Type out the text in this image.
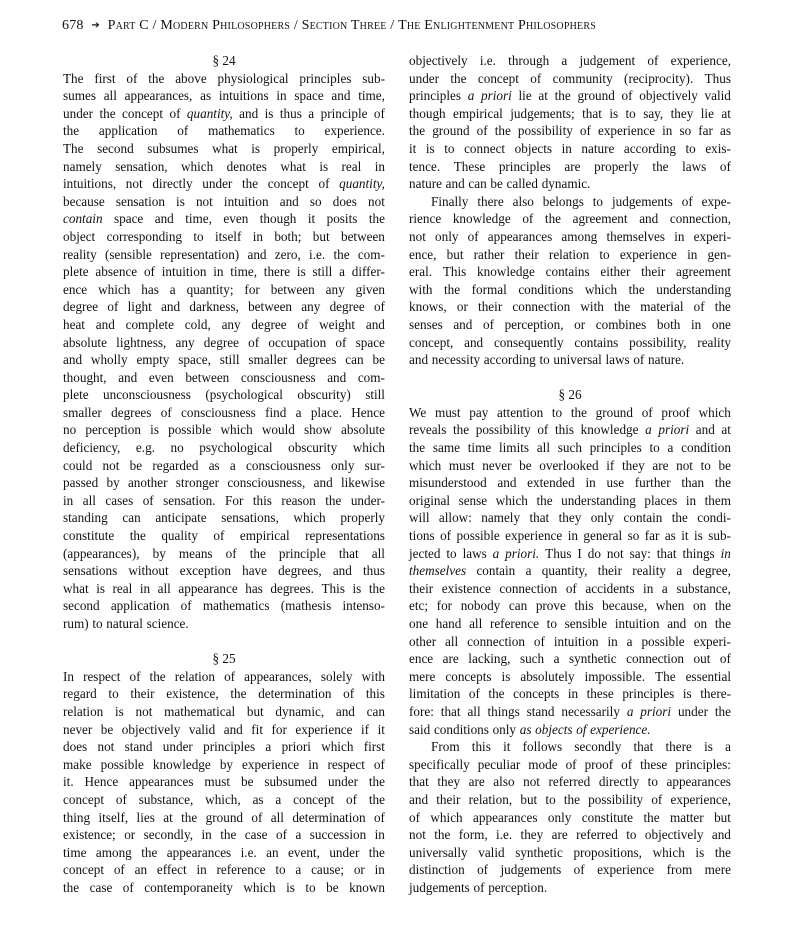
678 ➔ Part C / Modern Philosophers / Section Three / The Enlightenment Philosophers
§ 24
The first of the above physiological principles sub-
sumes all appearances, as intuitions in space and time,
under the concept of quantity, and is thus a principle of
the application of mathematics to experience.
The second subsumes what is properly empirical,
namely sensation, which denotes what is real in
intuitions, not directly under the concept of quantity,
because sensation is not intuition and so does not
contain space and time, even though it posits the
object corresponding to itself in both; but between
reality (sensible representation) and zero, i.e. the com-
plete absence of intuition in time, there is still a differ-
ence which has a quantity; for between any given
degree of light and darkness, between any degree of
heat and complete cold, any degree of weight and
absolute lightness, any degree of occupation of space
and wholly empty space, still smaller degrees can be
thought, and even between consciousness and com-
plete unconsciousness (psychological obscurity) still
smaller degrees of consciousness find a place. Hence
no perception is possible which would show absolute
deficiency, e.g. no psychological obscurity which
could not be regarded as a consciousness only sur-
passed by another stronger consciousness, and likewise
in all cases of sensation. For this reason the under-
standing can anticipate sensations, which properly
constitute the quality of empirical representations
(appearances), by means of the principle that all
sensations without exception have degrees, and thus
what is real in all appearance has degrees. This is the
second application of mathematics (mathesis intenso-
rum) to natural science.
§ 25
In respect of the relation of appearances, solely with
regard to their existence, the determination of this
relation is not mathematical but dynamic, and can
never be objectively valid and fit for experience if it
does not stand under principles a priori which first
make possible knowledge by experience in respect of
it. Hence appearances must be subsumed under the
concept of substance, which, as a concept of the
thing itself, lies at the ground of all determination of
existence; or secondly, in the case of a succession in
time among the appearances i.e. an event, under the
concept of an effect in reference to a cause; or in
the case of contemporaneity which is to be known
objectively i.e. through a judgement of experience,
under the concept of community (reciprocity). Thus
principles a priori lie at the ground of objectively valid
though empirical judgements; that is to say, they lie at
the ground of the possibility of experience in so far as
it is to connect objects in nature according to exis-
tence. These principles are properly the laws of
nature and can be called dynamic.
Finally there also belongs to judgements of expe-
rience knowledge of the agreement and connection,
not only of appearances among themselves in experi-
ence, but rather their relation to experience in gen-
eral. This knowledge contains either their agreement
with the formal conditions which the understanding
knows, or their connection with the material of the
senses and of perception, or combines both in one
concept, and consequently contains possibility, reality
and necessity according to universal laws of nature.
§ 26
We must pay attention to the ground of proof which
reveals the possibility of this knowledge a priori and at
the same time limits all such principles to a condition
which must never be overlooked if they are not to be
misunderstood and extended in use further than the
original sense which the understanding places in them
will allow: namely that they only contain the condi-
tions of possible experience in general so far as it is sub-
jected to laws a priori. Thus I do not say: that things in
themselves contain a quantity, their reality a degree,
their existence connection of accidents in a substance,
etc; for nobody can prove this because, when on the
one hand all reference to sensible intuition and on the
other all connection of intuition in a possible experi-
ence are lacking, such a synthetic connection out of
mere concepts is absolutely impossible. The essential
limitation of the concepts in these principles is there-
fore: that all things stand necessarily a priori under the
said conditions only as objects of experience.
From this it follows secondly that there is a
specifically peculiar mode of proof of these principles:
that they are also not referred directly to appearances
and their relation, but to the possibility of experience,
of which appearances only constitute the matter but
not the form, i.e. they are referred to objectively and
universally valid synthetic propositions, which is the
distinction of judgements of experience from mere
judgements of perception.
